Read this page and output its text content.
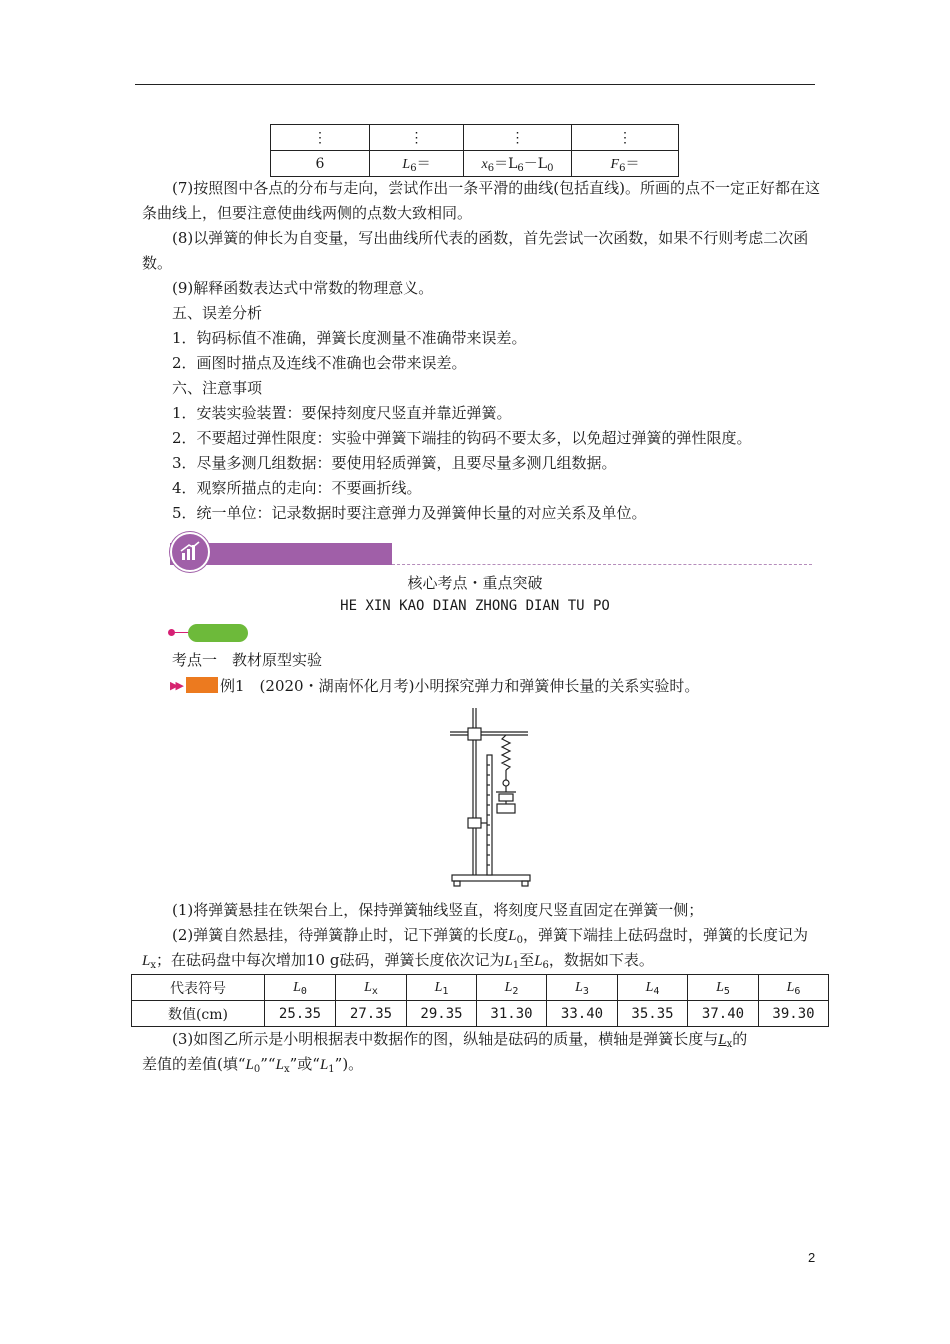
⋮	⋮	⋮	⋮
6	$L_6=$	$x_6=L_6-L_0$	$F_6=$
(7)按照图中各点的分布与走向，尝试作出一条平滑的曲线(包括直线)。所画的点不一定正好都在这条曲线上，但要注意使曲线两侧的点数大致相同。
(8)以弹簧的伸长为自变量，写出曲线所代表的函数，首先尝试一次函数，如果不行则考虑二次函数。
(9)解释函数表达式中常数的物理意义。
五、误差分析
1．钩码标值不准确，弹簧长度测量不准确带来误差。
2．画图时描点及连线不准确也会带来误差。
六、注意事项
1．安装实验装置：要保持刻度尺竖直并靠近弹簧。
2．不要超过弹性限度：实验中弹簧下端挂的钩码不要太多，以免超过弹簧的弹性限度。
3．尽量多测几组数据：要使用轻质弹簧，且要尽量多测几组数据。
4．观察所描点的走向：不要画折线。
5．统一单位：记录数据时要注意弹力及弹簧伸长量的对应关系及单位。
核心考点・重点突破
HE XIN KAO DIAN ZHONG DIAN TU PO
考点一　教材原型实验
▶▶	例1　(2020・湖南怀化月考)小明探究弹力和弹簧伸长量的关系实验时。
(1)将弹簧悬挂在铁架台上，保持弹簧轴线竖直，将刻度尺竖直固定在弹簧一侧；
(2)弹簧自然悬挂，待弹簧静止时，记下弹簧的长度$L_0$，弹簧下端挂上砝码盘时，弹簧的长度记为
$L_x$；在砝码盘中每次增加10 g砝码，弹簧长度依次记为$L_1$至$L_6$，数据如下表。
代表符号	$L_0$	$L_x$	$L_1$	$L_2$	$L_3$	$L_4$	$L_5$	$L_6$
数值(cm)	25.35	27.35	29.35	31.30	33.40	35.35	37.40	39.30
(3)如图乙所示是小明根据表中数据作的图，纵轴是砝码的质量，横轴是弹簧长度与$L_x$的
差值的差值(填“$L_0”“L_x$”或“$L_1$”)。
2
